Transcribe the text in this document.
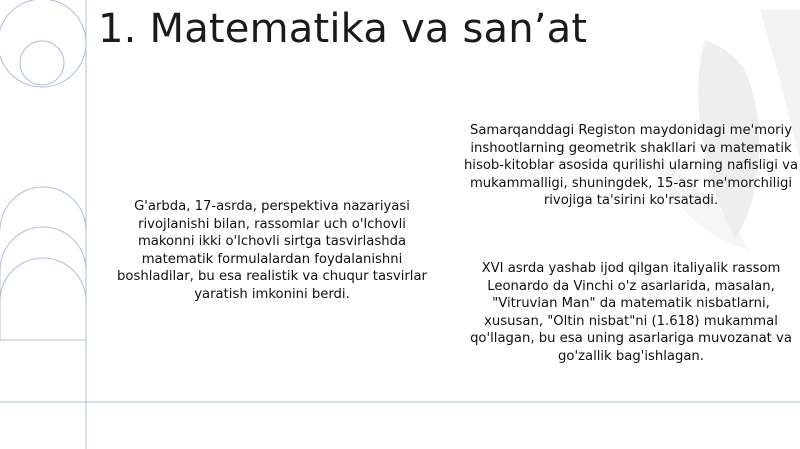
1. Matematika va san’at
G'arbda, 17-asrda, perspektiva nazariyasi rivojlanishi bilan, rassomlar uch o'lchovli makonni ikki o'lchovli sirtga tasvirlashda matematik formulalardan foydalanishni boshladilar, bu esa realistik va chuqur tasvirlar yaratish imkonini berdi.
Samarqanddagi Registon maydonidagi me'moriy inshootlarning geometrik shakllari va matematik hisob-kitoblar asosida qurilishi ularning nafisligi va mukammalligi, shuningdek, 15-asr me'morchiligi rivojiga ta'sirini ko'rsatadi.
XVI asrda yashab ijod qilgan italiyalik rassom Leonardo da Vinchi o'z asarlarida, masalan, "Vitruvian Man" da matematik nisbatlarni, xususan, "Oltin nisbat"ni (1.618) mukammal qo'llagan, bu esa uning asarlariga muvozanat va go'zallik bag'ishlagan.
